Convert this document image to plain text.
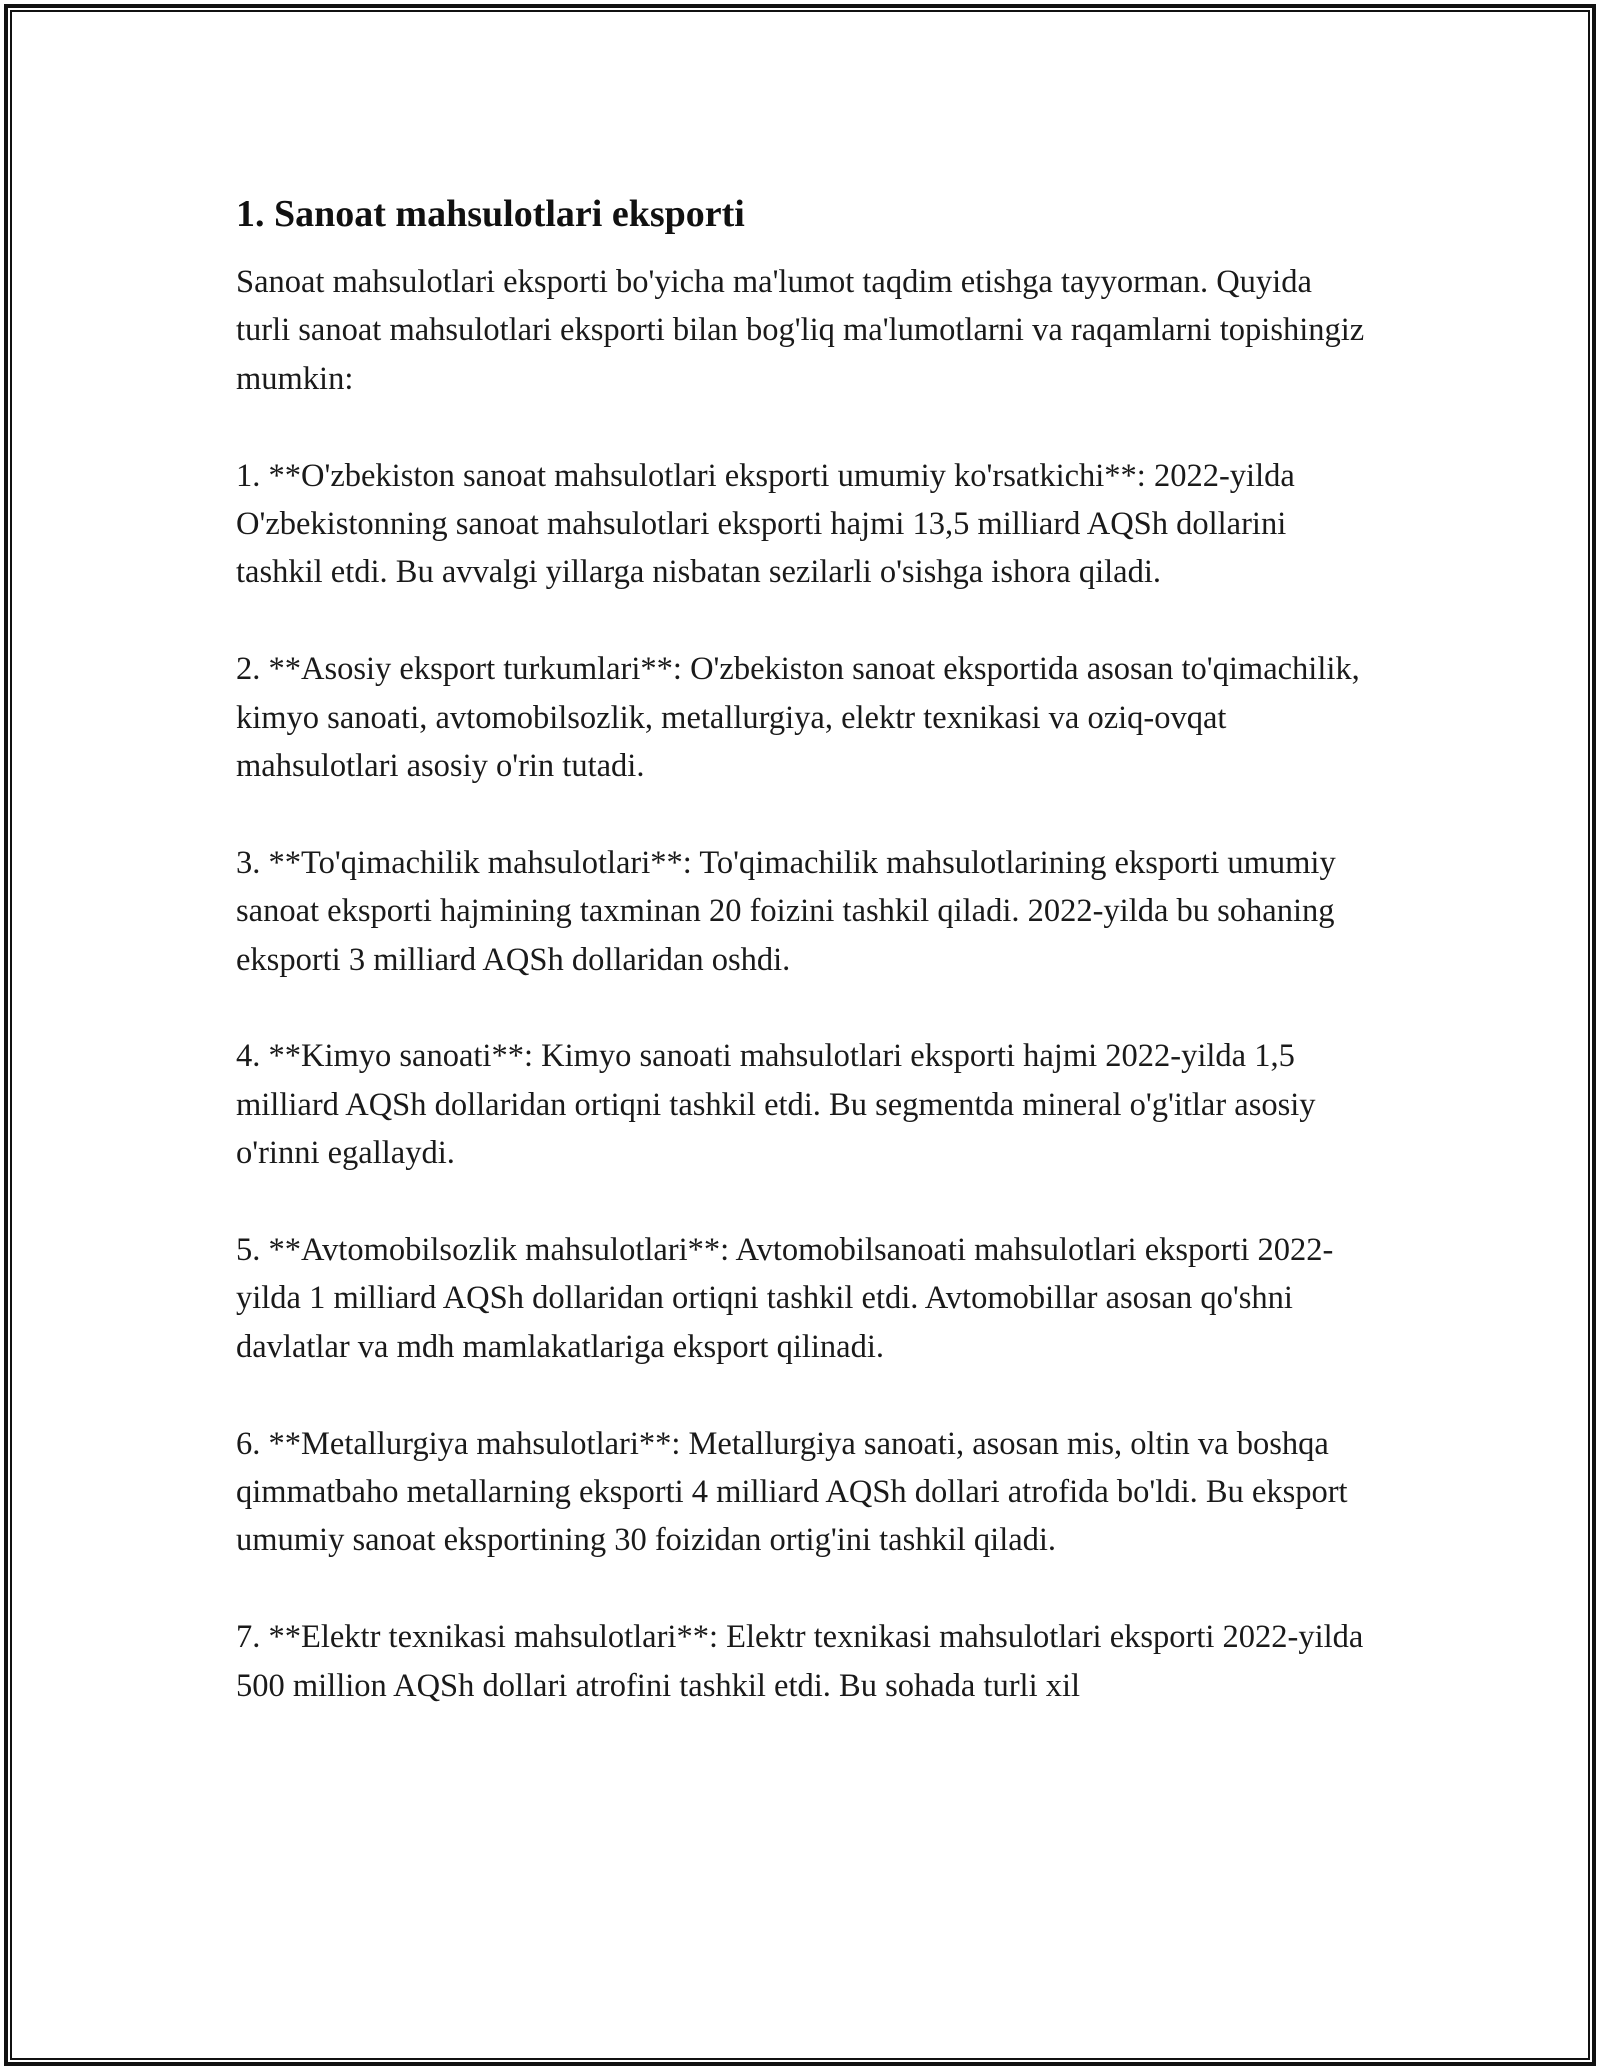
1. Sanoat mahsulotlari eksporti

Sanoat mahsulotlari eksporti bo'yicha ma'lumot taqdim etishga tayyorman. Quyida turli sanoat mahsulotlari eksporti bilan bog'liq ma'lumotlarni va raqamlarni topishingiz mumkin:

1. **O'zbekiston sanoat mahsulotlari eksporti umumiy ko'rsatkichi**: 2022-yilda O'zbekistonning sanoat mahsulotlari eksporti hajmi 13,5 milliard AQSh dollarini tashkil etdi. Bu avvalgi yillarga nisbatan sezilarli o'sishga ishora qiladi.

2. **Asosiy eksport turkumlari**: O'zbekiston sanoat eksportida asosan to'qimachilik, kimyo sanoati, avtomobilsozlik, metallurgiya, elektr texnikasi va oziq-ovqat mahsulotlari asosiy o'rin tutadi.

3. **To'qimachilik mahsulotlari**: To'qimachilik mahsulotlarining eksporti umumiy sanoat eksporti hajmining taxminan 20 foizini tashkil qiladi. 2022-yilda bu sohaning eksporti 3 milliard AQSh dollaridan oshdi.

4. **Kimyo sanoati**: Kimyo sanoati mahsulotlari eksporti hajmi 2022-yilda 1,5 milliard AQSh dollaridan ortiqni tashkil etdi. Bu segmentda mineral o'g'itlar asosiy o'rinni egallaydi.

5. **Avtomobilsozlik mahsulotlari**: Avtomobilsanoati mahsulotlari eksporti 2022-yilda 1 milliard AQSh dollaridan ortiqni tashkil etdi. Avtomobillar asosan qo'shni davlatlar va mdh mamlakatlariga eksport qilinadi.

6. **Metallurgiya mahsulotlari**: Metallurgiya sanoati, asosan mis, oltin va boshqa qimmatbaho metallarning eksporti 4 milliard AQSh dollari atrofida bo'ldi. Bu eksport umumiy sanoat eksportining 30 foizidan ortig'ini tashkil qiladi.

7. **Elektr texnikasi mahsulotlari**: Elektr texnikasi mahsulotlari eksporti 2022-yilda 500 million AQSh dollari atrofini tashkil etdi. Bu sohada turli xil
